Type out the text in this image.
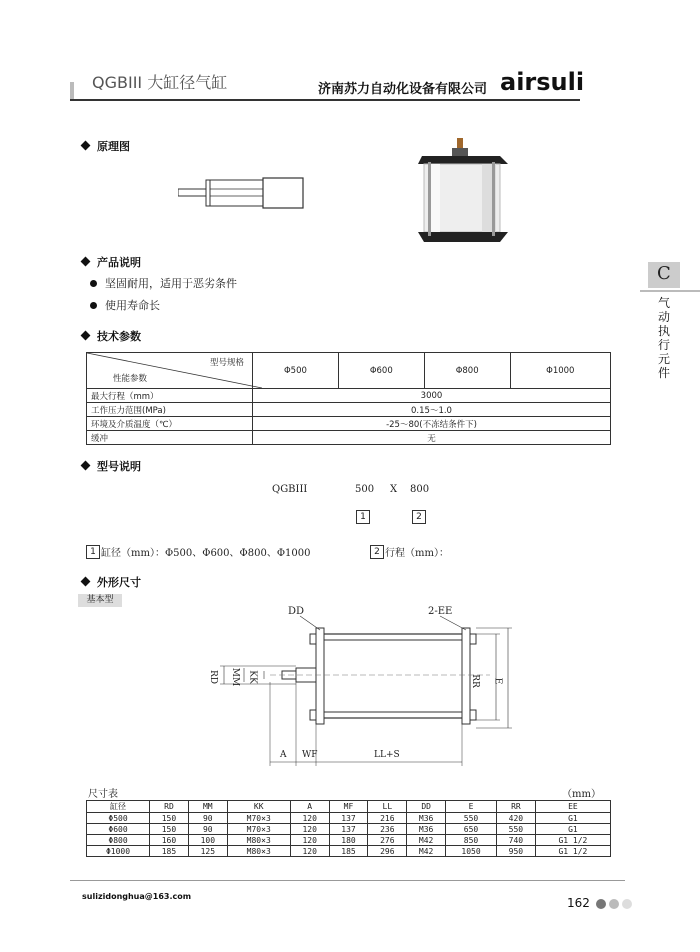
QGBIII 大缸径气缸	济南苏力自动化设备有限公司 airsuli
C
气动执行元件
原理图
产品说明
坚固耐用，适用于恶劣条件
使用寿命长
技术参数
型号规格
性能参数	Φ500	Φ600	Φ800	Φ1000
最大行程（mm）	3000			
工作压力范围(MPa)	0.15～1.0			
环境及介质温度（℃）	-25～80(不冻结条件下)			
缓冲	无			
型号说明
QGBIII	500 X 800
1	2
1 缸径（mm）：Φ500、Φ600、Φ800、Φ1000	2 行程（mm）：
外形尺寸
基本型
DD	2-EE
RD MM KK	RR E
A WF	LL+S
尺寸表	（mm）
缸径	RD	MM	KK	A	MF	LL	DD	E	RR	EE
Φ500	150	90	M70×3	120	137	216	M36	550	420	G1
Φ600	150	90	M70×3	120	137	236	M36	650	550	G1
Φ800	160	100	M80×3	120	180	276	M42	850	740	G1 1/2
Φ1000	185	125	M80×3	120	185	296	M42	1050	950	G1 1/2
sulizidonghua@163.com	162
